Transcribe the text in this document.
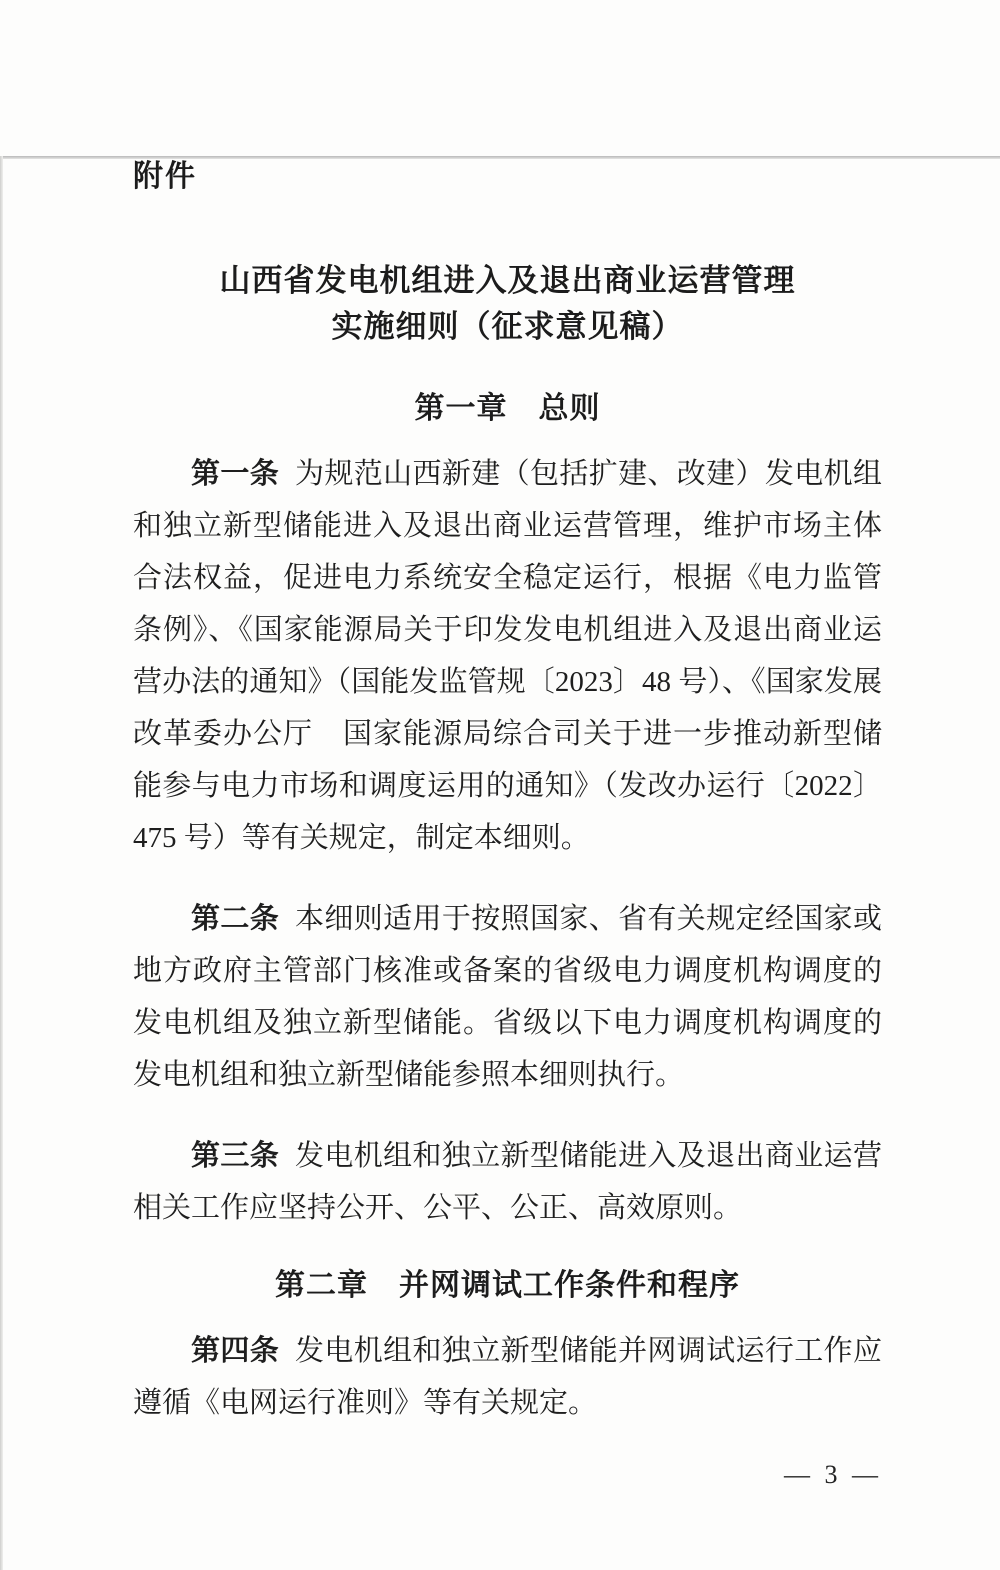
附件
山西省发电机组进入及退出商业运营管理
实施细则（征求意见稿）
第一章　总则

第一条 为规范山西新建（包括扩建、改建）发电机组和独立新型储能进入及退出商业运营管理，维护市场主体合法权益，促进电力系统安全稳定运行，根据《电力监管条例》、《国家能源局关于印发发电机组进入及退出商业运营办法的通知》（国能发监管规〔2023〕48 号）、《国家发展改革委办公厅　国家能源局综合司关于进一步推动新型储能参与电力市场和调度运用的通知》（发改办运行〔2022〕475 号）等有关规定，制定本细则。

第二条 本细则适用于按照国家、省有关规定经国家或地方政府主管部门核准或备案的省级电力调度机构调度的发电机组及独立新型储能。省级以下电力调度机构调度的发电机组和独立新型储能参照本细则执行。

第三条 发电机组和独立新型储能进入及退出商业运营相关工作应坚持公开、公平、公正、高效原则。

第二章　并网调试工作条件和程序

第四条 发电机组和独立新型储能并网调试运行工作应遵循《电网运行准则》等有关规定。

— 3 —
